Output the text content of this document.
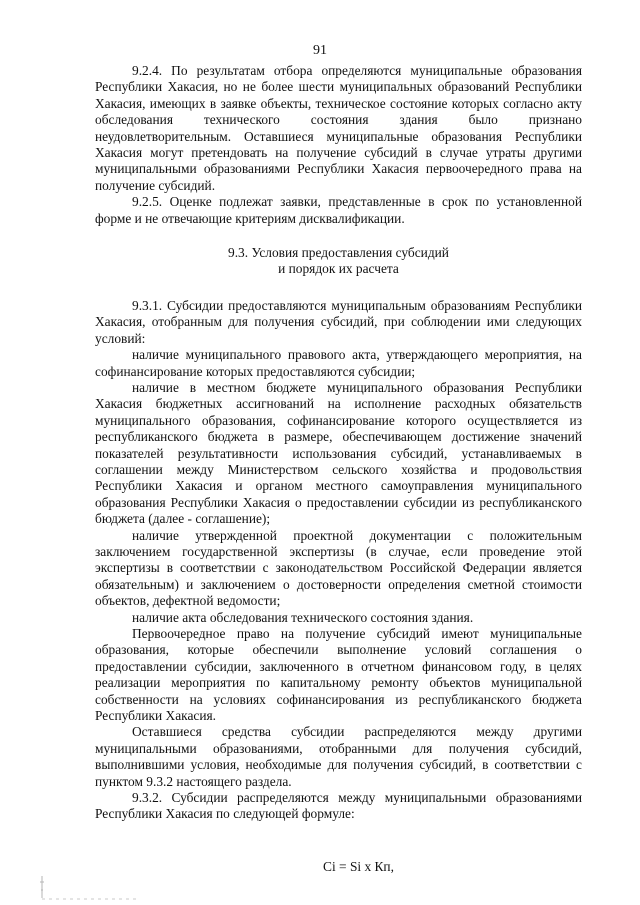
91

9.2.4. По результатам отбора определяются муниципальные образования Республики Хакасия, но не более шести муниципальных образований Республики Хакасия, имеющих в заявке объекты, техническое состояние которых согласно акту обследования технического состояния здания было признано неудовлетворительным. Оставшиеся муниципальные образования Республики Хакасия могут претендовать на получение субсидий в случае утраты другими муниципальными образованиями Республики Хакасия первоочередного права на получение субсидий.

9.2.5. Оценке подлежат заявки, представленные в срок по установленной форме и не отвечающие критериям дисквалификации.

9.3. Условия предоставления субсидий
и порядок их расчета

9.3.1. Субсидии предоставляются муниципальным образованиям Республики Хакасия, отобранным для получения субсидий, при соблюдении ими следующих условий:

наличие муниципального правового акта, утверждающего мероприятия, на софинансирование которых предоставляются субсидии;

наличие в местном бюджете муниципального образования Республики Хакасия бюджетных ассигнований на исполнение расходных обязательств муниципального образования, софинансирование которого осуществляется из республиканского бюджета в размере, обеспечивающем достижение значений показателей результативности использования субсидий, устанавливаемых в соглашении между Министерством сельского хозяйства и продовольствия Республики Хакасия и органом местного самоуправления муниципального образования Республики Хакасия о предоставлении субсидии из республиканского бюджета (далее - соглашение);

наличие утвержденной проектной документации с положительным заключением государственной экспертизы (в случае, если проведение этой экспертизы в соответствии с законодательством Российской Федерации является обязательным) и заключением о достоверности определения сметной стоимости объектов, дефектной ведомости;

наличие акта обследования технического состояния здания.

Первоочередное право на получение субсидий имеют муниципальные образования, которые обеспечили выполнение условий соглашения о предоставлении субсидии, заключенного в отчетном финансовом году, в целях реализации мероприятия по капитальному ремонту объектов муниципальной собственности на условиях софинансирования из республиканского бюджета Республики Хакасия.

Оставшиеся средства субсидии распределяются между другими муниципальными образованиями, отобранными для получения субсидий, выполнившими условия, необходимые для получения субсидий, в соответствии с пунктом 9.3.2 настоящего раздела.

9.3.2. Субсидии распределяются между муниципальными образованиями Республики Хакасия по следующей формуле:

Ci = Si x Кп,
